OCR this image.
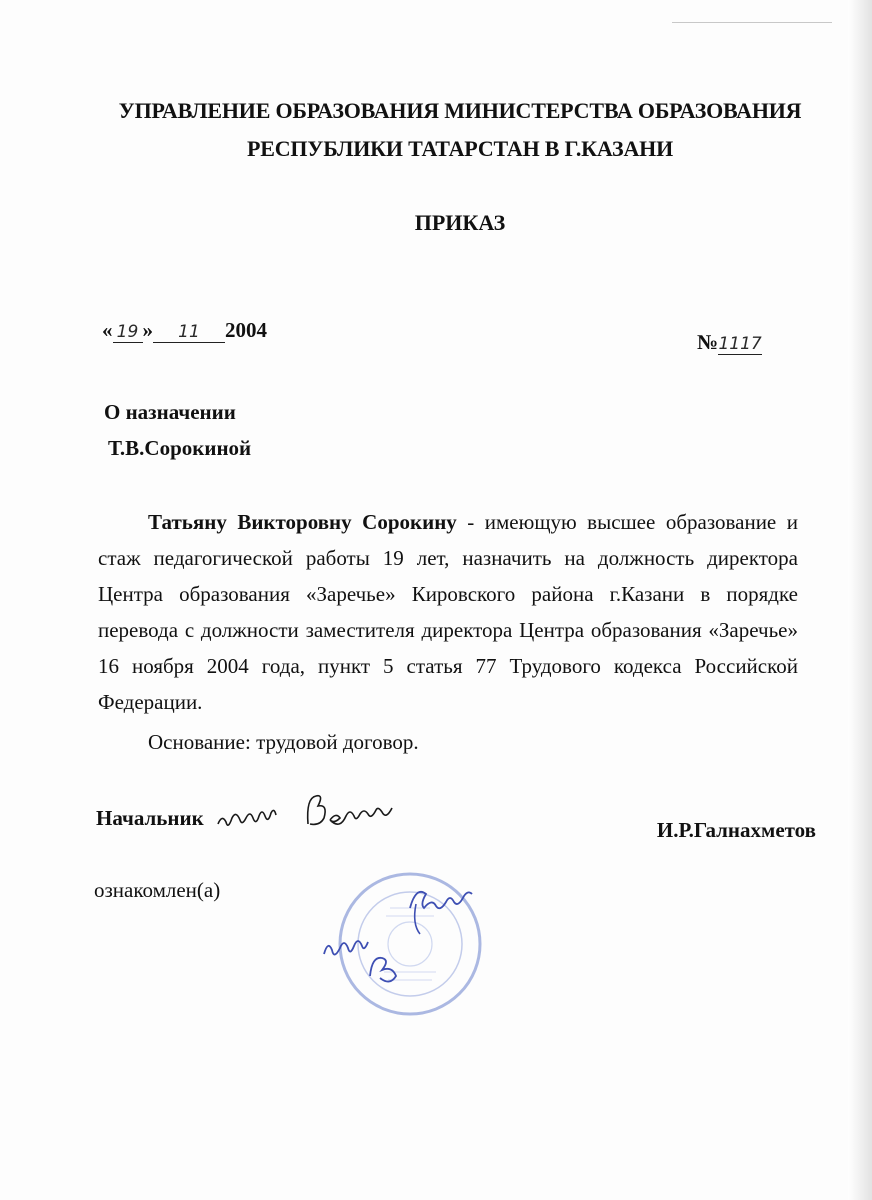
УПРАВЛЕНИЕ ОБРАЗОВАНИЯ МИНИСТЕРСТВА ОБРАЗОВАНИЯ
РЕСПУБЛИКИ ТАТАРСТАН В Г.КАЗАНИ
ПРИКАЗ
« 19 » 11 2004	№1117
О назначении
Т.В.Сорокиной

Татьяну Викторовну Сорокину - имеющую высшее образование и стаж педагогической работы 19 лет, назначить на должность директора Центра образования «Заречье» Кировского района г.Казани в порядке перевода с должности заместителя директора Центра образования «Заречье» 16 ноября 2004 года, пункт 5 статья 77 Трудового кодекса Российской Федерации.

Основание: трудовой договор.
Начальник	И.Р.Галнахметов
ознакомлен(а)
